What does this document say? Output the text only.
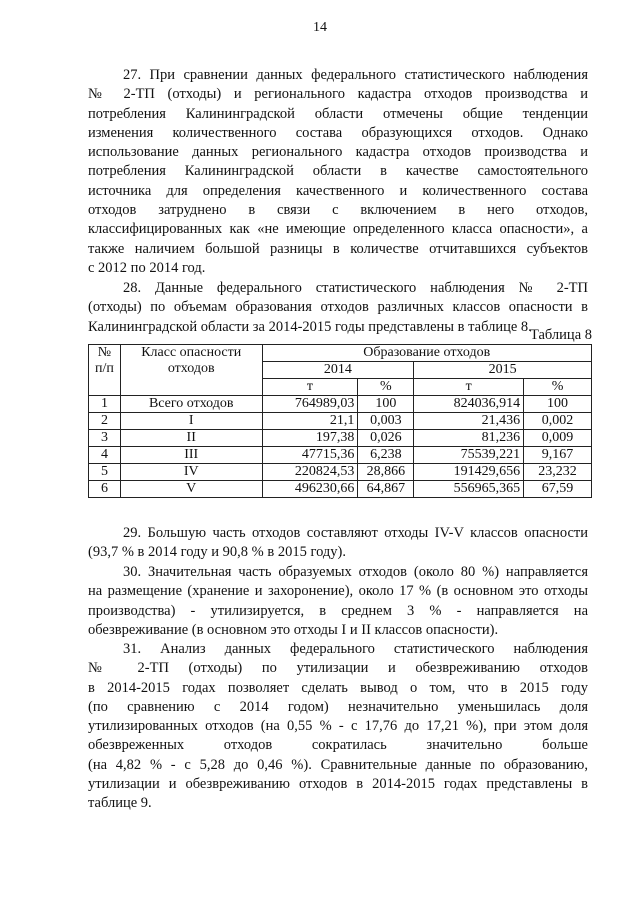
14
27. При сравнении данных федерального статистического наблюдения
№ 2-ТП (отходы) и регионального кадастра отходов производства и
потребления Калининградской области отмечены общие тенденции
изменения количественного состава образующихся отходов. Однако
использование данных регионального кадастра отходов производства и
потребления Калининградской области в качестве самостоятельного
источника для определения качественного и количественного состава
отходов затруднено в связи с включением в него отходов,
классифицированных как «не имеющие определенного класса опасности», а
также наличием большой разницы в количестве отчитавшихся субъектов
с 2012 по 2014 год.
28. Данные федерального статистического наблюдения № 2-ТП
(отходы) по объемам образования отходов различных классов опасности в
Калининградской области за 2014-2015 годы представлены в таблице 8.
Таблица 8
№ п/п	Класс опасности отходов	Образование отходов			
		2014		2015	
		т	%	т	%
1	Всего отходов	764989,03	100	824036,914	100
2	I	21,1	0,003	21,436	0,002
3	II	197,38	0,026	81,236	0,009
4	III	47715,36	6,238	75539,221	9,167
5	IV	220824,53	28,866	191429,656	23,232
6	V	496230,66	64,867	556965,365	67,59
29. Большую часть отходов составляют отходы IV-V классов опасности
(93,7 % в 2014 году и 90,8 % в 2015 году).
30. Значительная часть образуемых отходов (около 80 %) направляется
на размещение (хранение и захоронение), около 17 % (в основном это отходы
производства) - утилизируется, в среднем 3 % - направляется на
обезвреживание (в основном это отходы I и II классов опасности).
31. Анализ данных федерального статистического наблюдения
№ 2-ТП (отходы) по утилизации и обезвреживанию отходов
в 2014-2015 годах позволяет сделать вывод о том, что в 2015 году
(по сравнению с 2014 годом) незначительно уменьшилась доля
утилизированных отходов (на 0,55 % - с 17,76 до 17,21 %), при этом доля
обезвреженных отходов сократилась значительно больше
(на 4,82 % - с 5,28 до 0,46 %). Сравнительные данные по образованию,
утилизации и обезвреживанию отходов в 2014-2015 годах представлены в
таблице 9.
